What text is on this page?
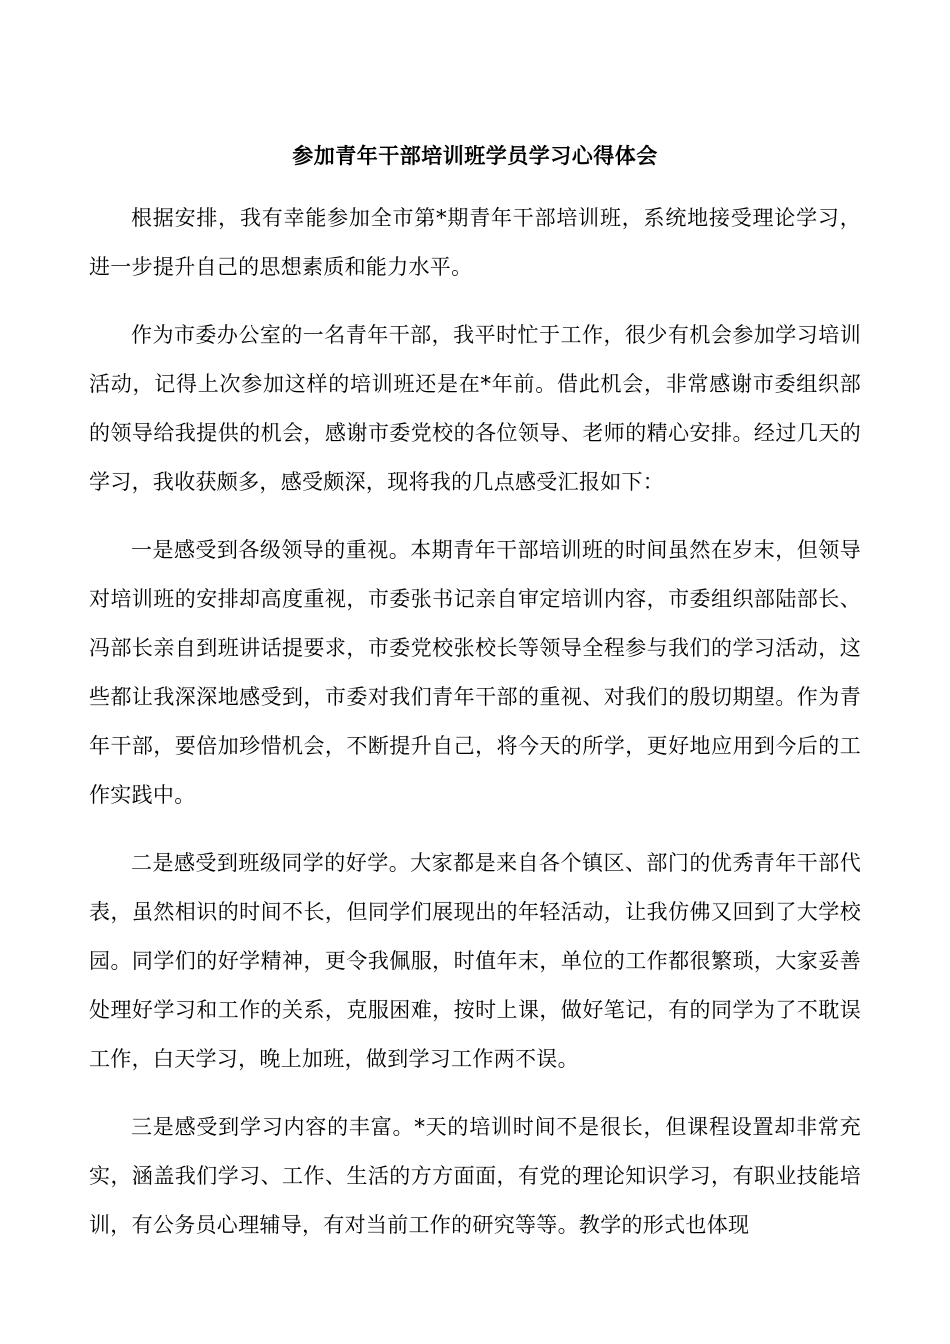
参加青年干部培训班学员学习心得体会

根据安排，我有幸能参加全市第*期青年干部培训班，系统地接受理论学习，进一步提升自己的思想素质和能力水平。

作为市委办公室的一名青年干部，我平时忙于工作，很少有机会参加学习培训活动，记得上次参加这样的培训班还是在*年前。借此机会，非常感谢市委组织部的领导给我提供的机会，感谢市委党校的各位领导、老师的精心安排。经过几天的学习，我收获颇多，感受颇深，现将我的几点感受汇报如下：

一是感受到各级领导的重视。本期青年干部培训班的时间虽然在岁末，但领导对培训班的安排却高度重视，市委张书记亲自审定培训内容，市委组织部陆部长、冯部长亲自到班讲话提要求，市委党校张校长等领导全程参与我们的学习活动，这些都让我深深地感受到，市委对我们青年干部的重视、对我们的殷切期望。作为青年干部，要倍加珍惜机会，不断提升自己，将今天的所学，更好地应用到今后的工作实践中。

二是感受到班级同学的好学。大家都是来自各个镇区、部门的优秀青年干部代表，虽然相识的时间不长，但同学们展现出的年轻活动，让我仿佛又回到了大学校园。同学们的好学精神，更令我佩服，时值年末，单位的工作都很繁琐，大家妥善处理好学习和工作的关系，克服困难，按时上课，做好笔记，有的同学为了不耽误工作，白天学习，晚上加班，做到学习工作两不误。

三是感受到学习内容的丰富。*天的培训时间不是很长，但课程设置却非常充实，涵盖我们学习、工作、生活的方方面面，有党的理论知识学习，有职业技能培训，有公务员心理辅导，有对当前工作的研究等等。教学的形式也体现
